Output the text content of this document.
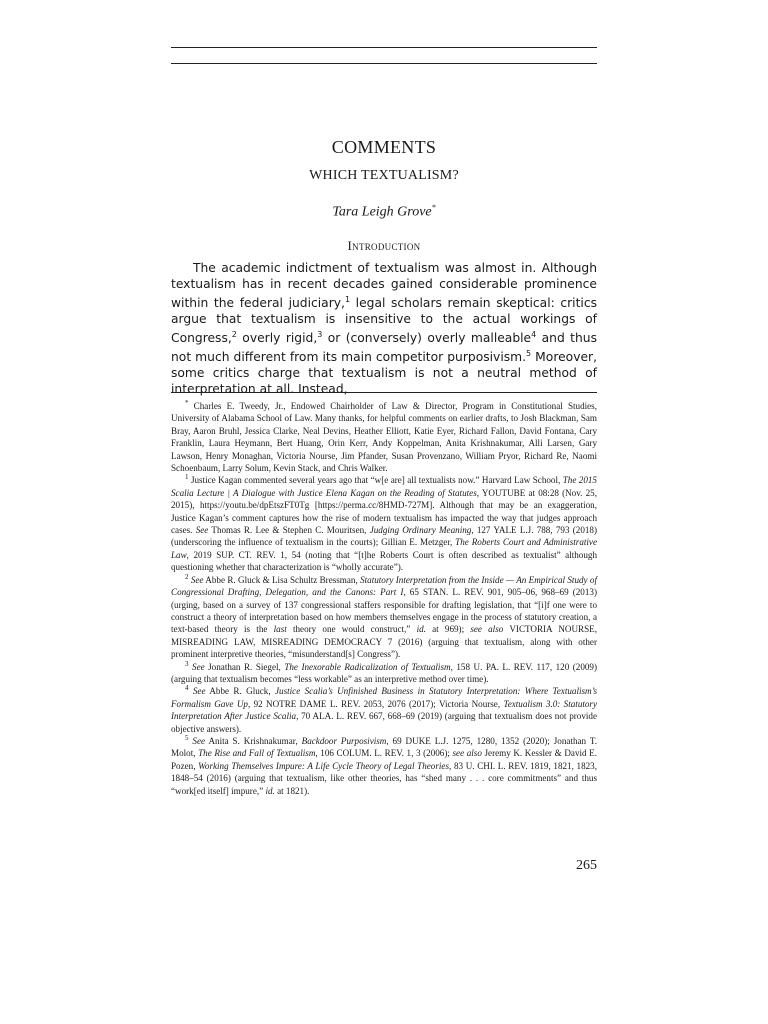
COMMENTS
WHICH TEXTUALISM?
Tara Leigh Grove*
Introduction

The academic indictment of textualism was almost in. Although textualism has in recent decades gained considerable prominence within the federal judiciary,$^1$ legal scholars remain skeptical: critics argue that textualism is insensitive to the actual workings of Congress,$^2$ overly rigid,$^3$ or (conversely) overly malleable$^4$ and thus not much different from its main competitor purposivism.$^5$ Moreover, some critics charge that textualism is not a neutral method of interpretation at all. Instead,

* Charles E. Tweedy, Jr., Endowed Chairholder of Law & Director, Program in Constitutional Studies, University of Alabama School of Law. Many thanks, for helpful comments on earlier drafts, to Josh Blackman, Sam Bray, Aaron Bruhl, Jessica Clarke, Neal Devins, Heather Elliott, Katie Eyer, Richard Fallon, David Fontana, Cary Franklin, Laura Heymann, Bert Huang, Orin Kerr, Andy Koppelman, Anita Krishnakumar, Alli Larsen, Gary Lawson, Henry Monaghan, Victoria Nourse, Jim Pfander, Susan Provenzano, William Pryor, Richard Re, Naomi Schoenbaum, Larry Solum, Kevin Stack, and Chris Walker.

$^1$ Justice Kagan commented several years ago that “w[e are] all textualists now.” Harvard Law School, The 2015 Scalia Lecture | A Dialogue with Justice Elena Kagan on the Reading of Statutes, YOUTUBE at 08:28 (Nov. 25, 2015), https://youtu.be/dpEtszFT0Tg [https://perma.cc/8HMD-727M]. Although that may be an exaggeration, Justice Kagan’s comment captures how the rise of modern textualism has impacted the way that judges approach cases. See Thomas R. Lee & Stephen C. Mouritsen, Judging Ordinary Meaning, 127 YALE L.J. 788, 793 (2018) (underscoring the influence of textualism in the courts); Gillian E. Metzger, The Roberts Court and Administrative Law, 2019 SUP. CT. REV. 1, 54 (noting that “[t]he Roberts Court is often described as textualist” although questioning whether that characterization is “wholly accurate”).

$^2$ See Abbe R. Gluck & Lisa Schultz Bressman, Statutory Interpretation from the Inside — An Empirical Study of Congressional Drafting, Delegation, and the Canons: Part I, 65 STAN. L. REV. 901, 905–06, 968–69 (2013) (urging, based on a survey of 137 congressional staffers responsible for drafting legislation, that “[i]f one were to construct a theory of interpretation based on how members themselves engage in the process of statutory creation, a text-based theory is the last theory one would construct,” id. at 969); see also VICTORIA NOURSE, MISREADING LAW, MISREADING DEMOCRACY 7 (2016) (arguing that textualism, along with other prominent interpretive theories, “misunderstand[s] Congress”).

$^3$ See Jonathan R. Siegel, The Inexorable Radicalization of Textualism, 158 U. PA. L. REV. 117, 120 (2009) (arguing that textualism becomes “less workable” as an interpretive method over time).

$^4$ See Abbe R. Gluck, Justice Scalia’s Unfinished Business in Statutory Interpretation: Where Textualism’s Formalism Gave Up, 92 NOTRE DAME L. REV. 2053, 2076 (2017); Victoria Nourse, Textualism 3.0: Statutory Interpretation After Justice Scalia, 70 ALA. L. REV. 667, 668–69 (2019) (arguing that textualism does not provide objective answers).

$^5$ See Anita S. Krishnakumar, Backdoor Purposivism, 69 DUKE L.J. 1275, 1280, 1352 (2020); Jonathan T. Molot, The Rise and Fall of Textualism, 106 COLUM. L. REV. 1, 3 (2006); see also Jeremy K. Kessler & David E. Pozen, Working Themselves Impure: A Life Cycle Theory of Legal Theories, 83 U. CHI. L. REV. 1819, 1821, 1823, 1848–54 (2016) (arguing that textualism, like other theories, has “shed many . . . core commitments” and thus “work[ed itself] impure,” id. at 1821).

265
